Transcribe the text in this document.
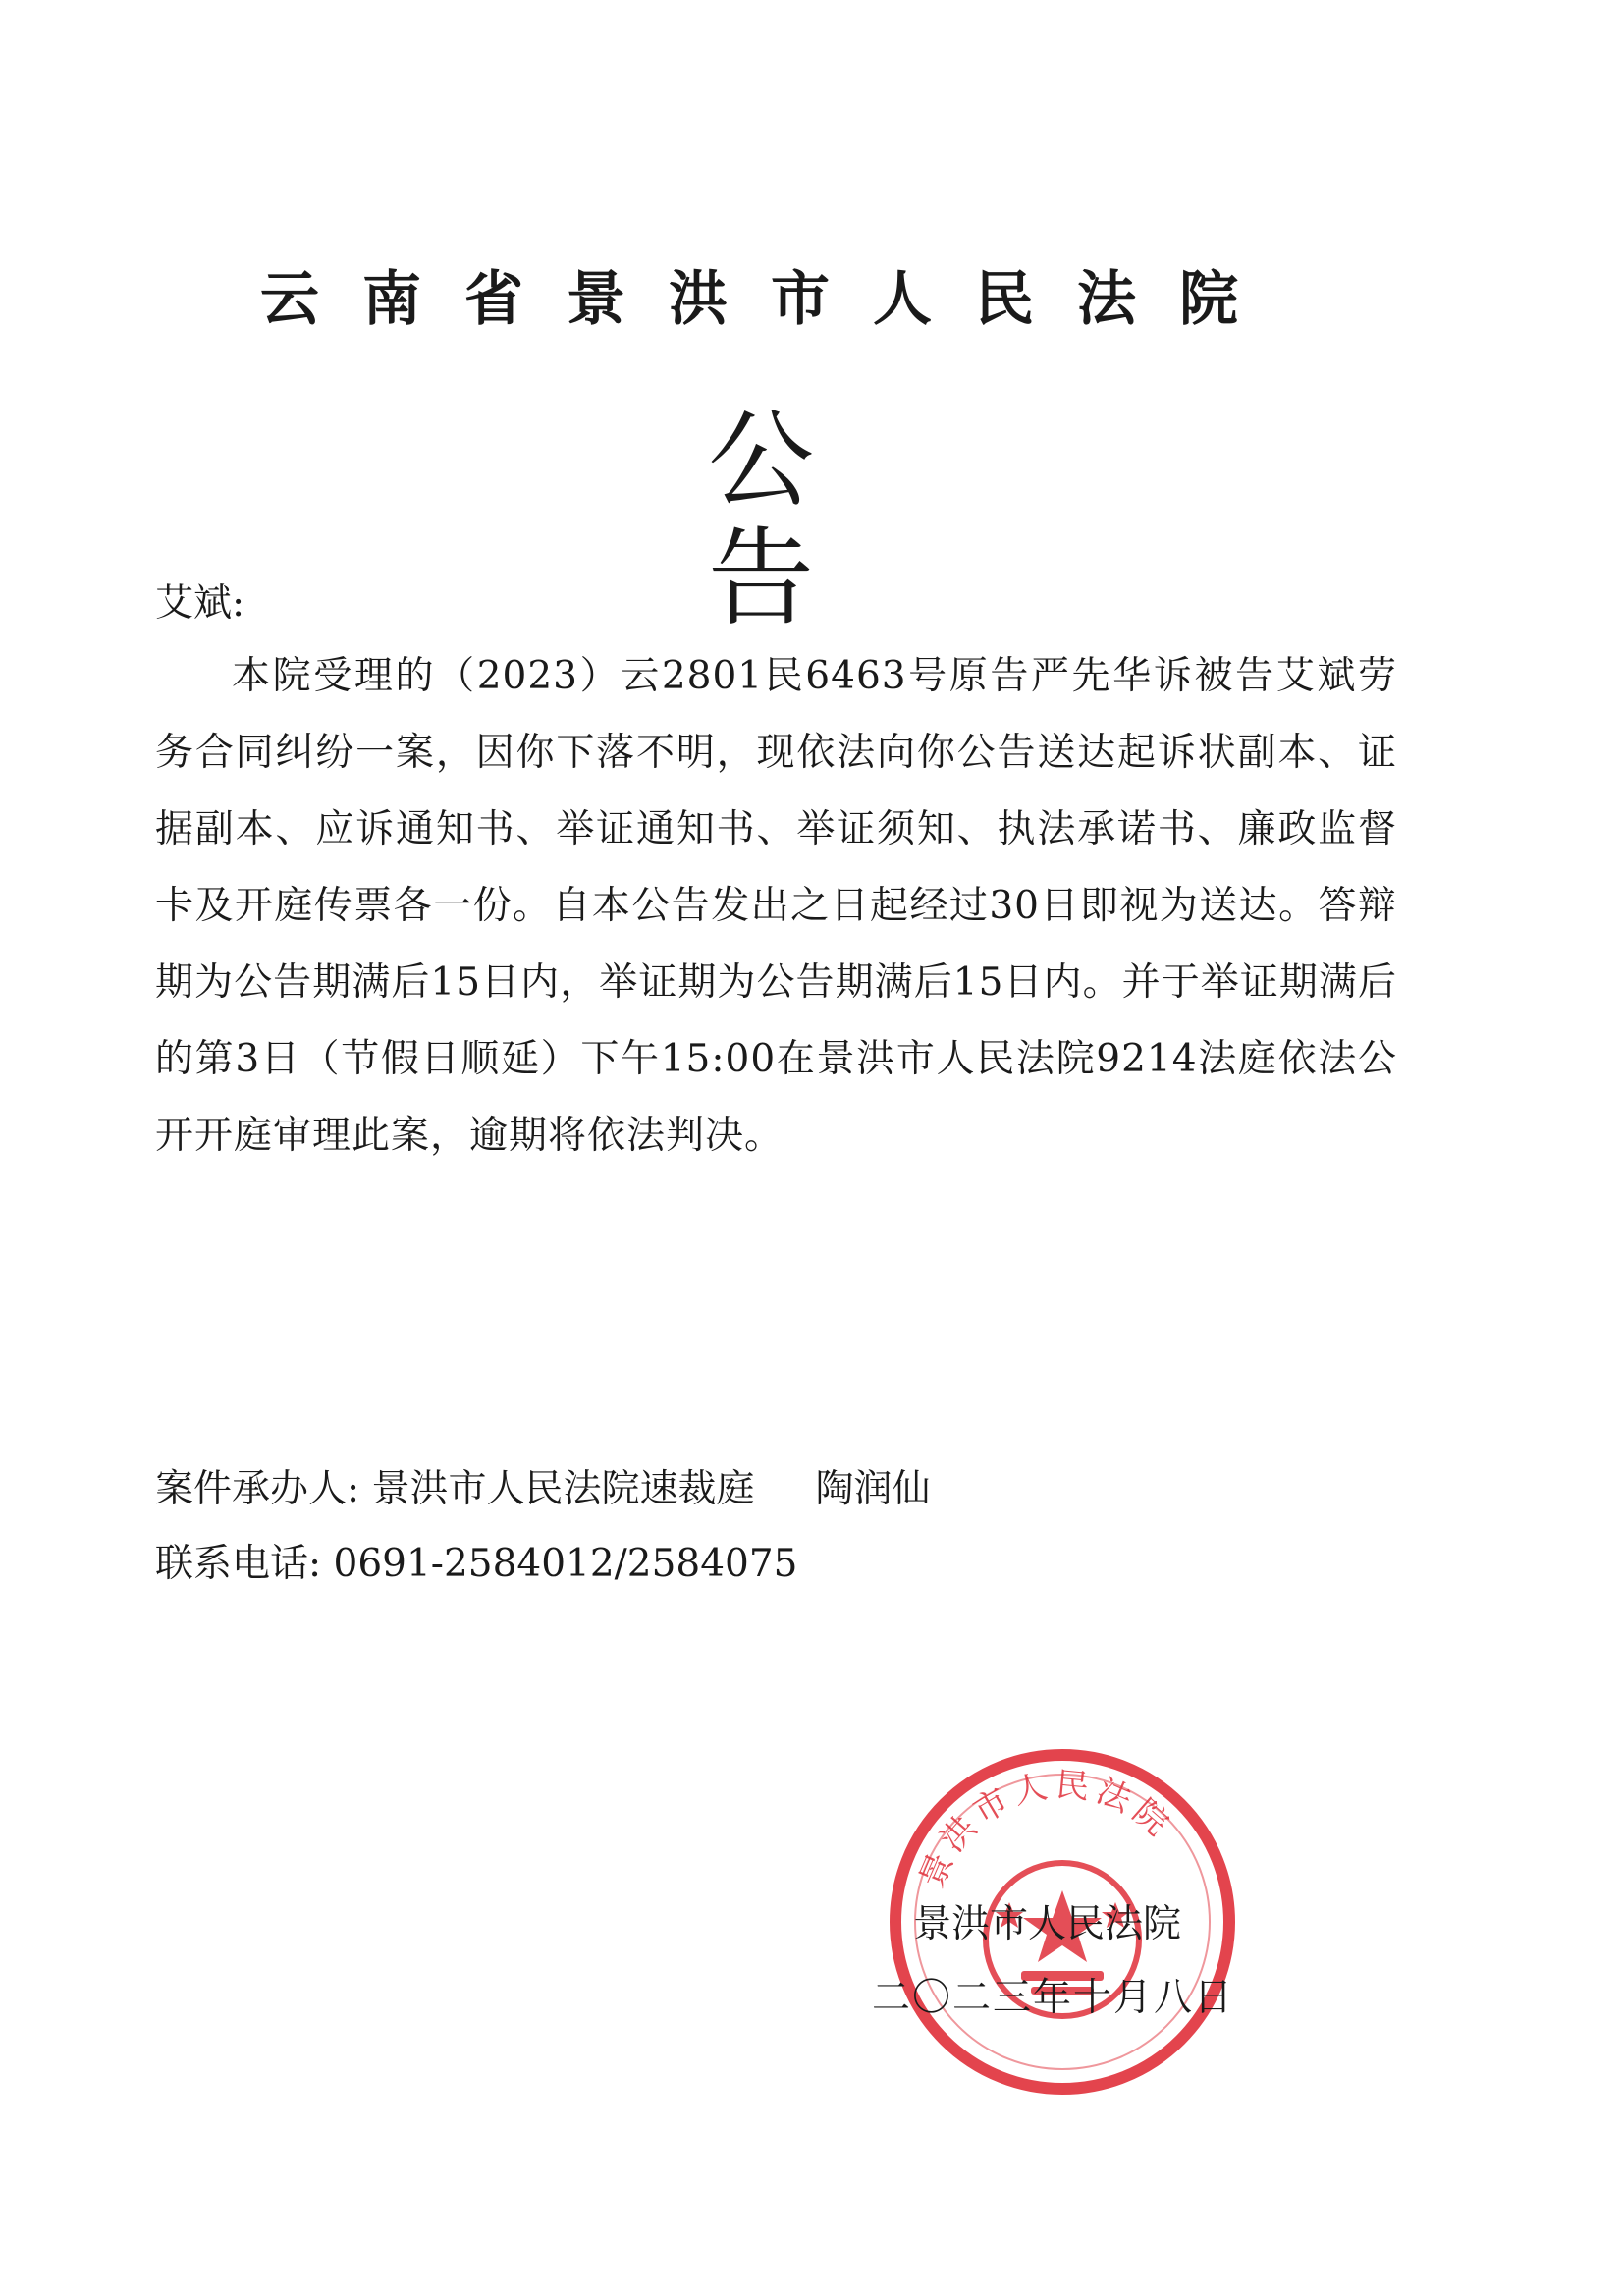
云南省景洪市人民法院
公告
艾斌:
本院受理的（2023）云2801民6463号原告严先华诉被告艾斌劳务合同纠纷一案，因你下落不明，现依法向你公告送达起诉状副本、证据副本、应诉通知书、举证通知书、举证须知、执法承诺书、廉政监督卡及开庭传票各一份。自本公告发出之日起经过30日即视为送达。答辩期为公告期满后15日内，举证期为公告期满后15日内。并于举证期满后的第3日（节假日顺延）下午15:00在景洪市人民法院9214法庭依法公开开庭审理此案，逾期将依法判决。
案件承办人: 景洪市人民法院速裁庭     陶润仙
联系电话: 0691-2584012/2584075
景洪市人民法院
景洪市人民法院
二〇二三年十月八日
